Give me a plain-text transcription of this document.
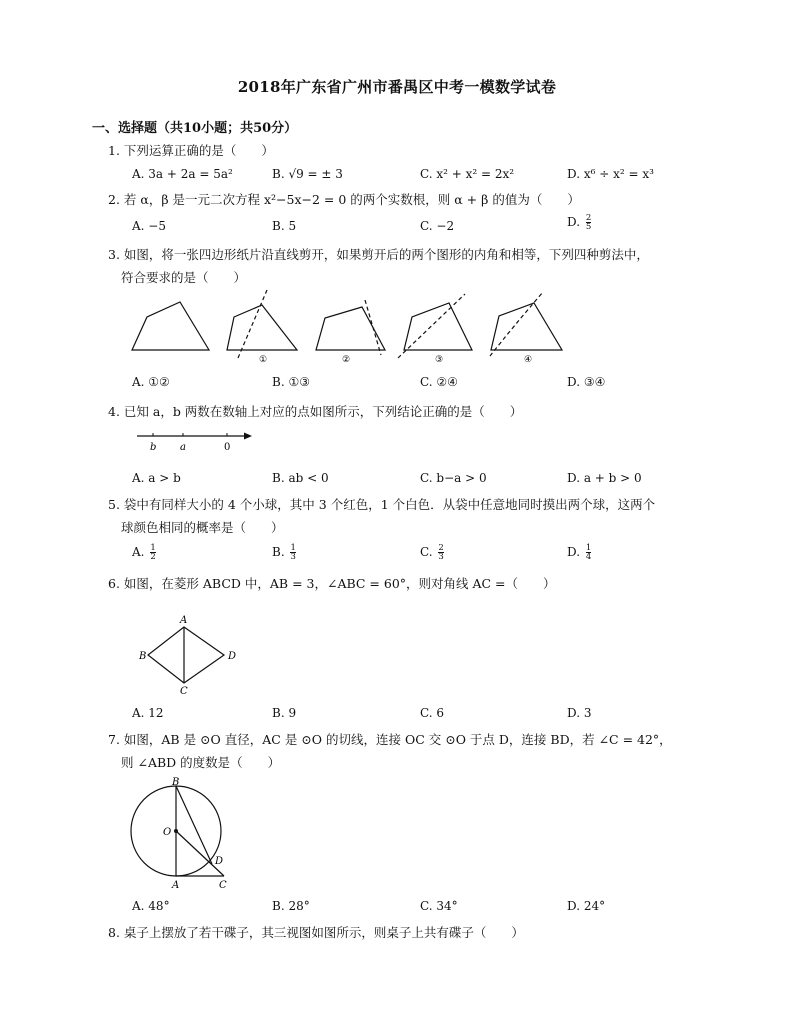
2018年广东省广州市番禺区中考一模数学试卷
一、选择题（共10小题；共50分）
1. 下列运算正确的是（　　）
A. 3a + 2a = 5a²	B. √9 = ± 3	C. x² + x² = 2x²	D. x⁶ ÷ x² = x³
2. 若 α，β 是一元二次方程 x²−5x−2 = 0 的两个实数根，则 α + β 的值为（　　）
A. −5	B. 5	C. −2	D. $\frac{2}{5}$
3. 如图，将一张四边形纸片沿直线剪开，如果剪开后的两个图形的内角和相等，下列四种剪法中，
符合要求的是（　　）
①	②	③	④
A. ①②	B. ①③	C. ②④	D. ③④
4. 已知 a，b 两数在数轴上对应的点如图所示，下列结论正确的是（　　）
b a	0
A. a > b	B. ab < 0	C. b−a > 0	D. a + b > 0
5. 袋中有同样大小的 4 个小球，其中 3 个红色，1 个白色．从袋中任意地同时摸出两个球，这两个
球颜色相同的概率是（　　）
A. $\frac{1}{2}$	B. $\frac{1}{3}$	C. $\frac{2}{3}$	D. $\frac{1}{4}$
6. 如图，在菱形 ABCD 中，AB = 3，∠ABC = 60°，则对角线 AC =（　　）
A
B
C
D
A. 12	B. 9	C. 6	D. 3
7. 如图，AB 是 ⊙O 直径，AC 是 ⊙O 的切线，连接 OC 交 ⊙O 于点 D，连接 BD，若 ∠C = 42°，
则 ∠ABD 的度数是（　　）
B
O
D
A	C
A. 48°	B. 28°	C. 34°	D. 24°
8. 桌子上摆放了若干碟子，其三视图如图所示，则桌子上共有碟子（　　）
